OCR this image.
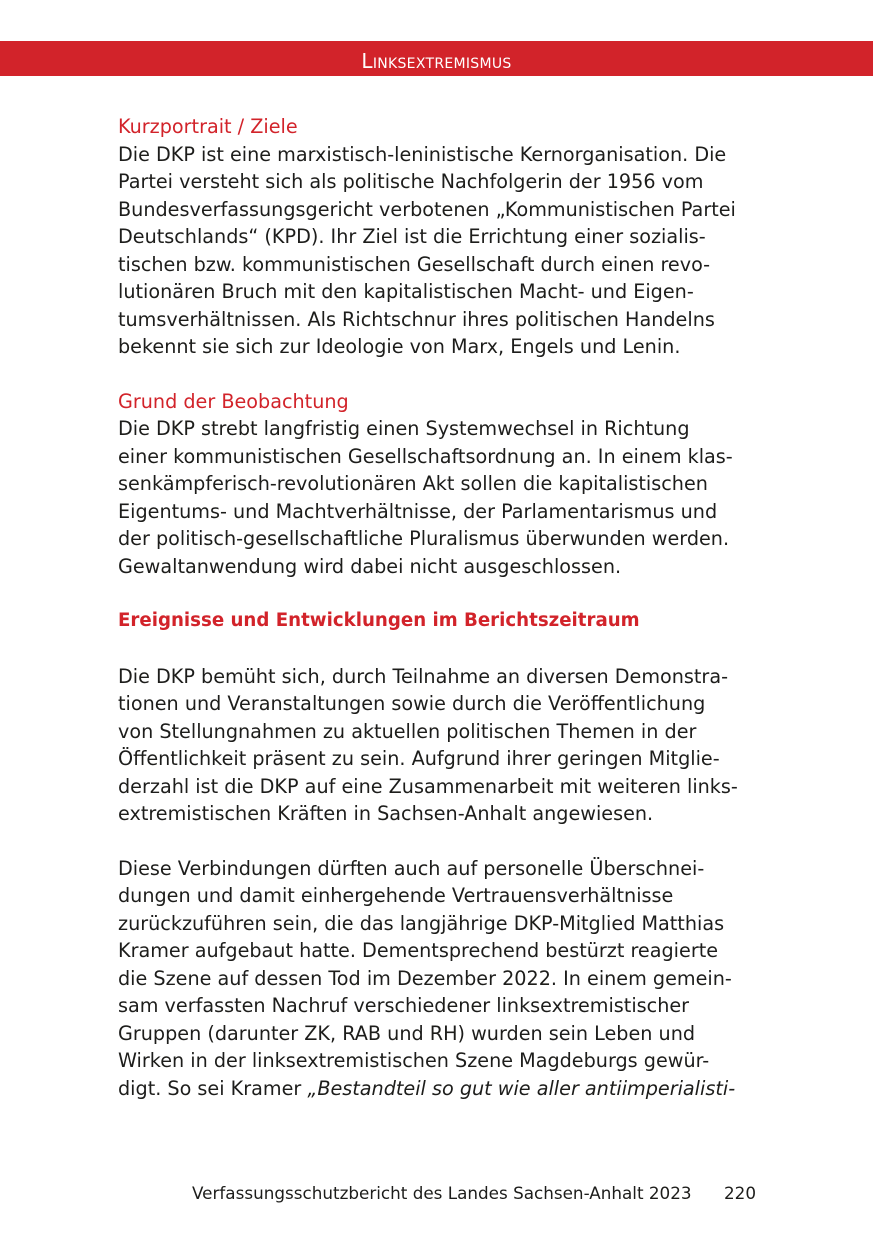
Linksextremismus
Kurzportrait / Ziele
Die DKP ist eine marxistisch-leninistische Kernorganisation. Die
Partei versteht sich als politische Nachfolgerin der 1956 vom
Bundesverfassungsgericht verbotenen „Kommunistischen Partei
Deutschlands“ (KPD). Ihr Ziel ist die Errichtung einer sozialis-
tischen bzw. kommunistischen Gesellschaft durch einen revo-
lutionären Bruch mit den kapitalistischen Macht- und Eigen-
tumsverhältnissen. Als Richtschnur ihres politischen Handelns
bekennt sie sich zur Ideologie von Marx, Engels und Lenin.
Grund der Beobachtung
Die DKP strebt langfristig einen Systemwechsel in Richtung
einer kommunistischen Gesellschaftsordnung an. In einem klas-
senkämpferisch-revolutionären Akt sollen die kapitalistischen
Eigentums- und Machtverhältnisse, der Parlamentarismus und
der politisch-gesellschaftliche Pluralismus überwunden werden.
Gewaltanwendung wird dabei nicht ausgeschlossen.
Ereignisse und Entwicklungen im Berichtszeitraum
Die DKP bemüht sich, durch Teilnahme an diversen Demonstra-
tionen und Veranstaltungen sowie durch die Veröffentlichung
von Stellungnahmen zu aktuellen politischen Themen in der
Öffentlichkeit präsent zu sein. Aufgrund ihrer geringen Mitglie-
derzahl ist die DKP auf eine Zusammenarbeit mit weiteren links-
extremistischen Kräften in Sachsen-Anhalt angewiesen.
Diese Verbindungen dürften auch auf personelle Überschnei-
dungen und damit einhergehende Vertrauensverhältnisse
zurückzuführen sein, die das langjährige DKP-Mitglied Matthias
Kramer aufgebaut hatte. Dementsprechend bestürzt reagierte
die Szene auf dessen Tod im Dezember 2022. In einem gemein-
sam verfassten Nachruf verschiedener linksextremistischer
Gruppen (darunter ZK, RAB und RH) wurden sein Leben und
Wirken in der linksextremistischen Szene Magdeburgs gewür-
digt. So sei Kramer „Bestandteil so gut wie aller antiimperialisti-
Verfassungsschutzbericht des Landes Sachsen-Anhalt 2023 220
